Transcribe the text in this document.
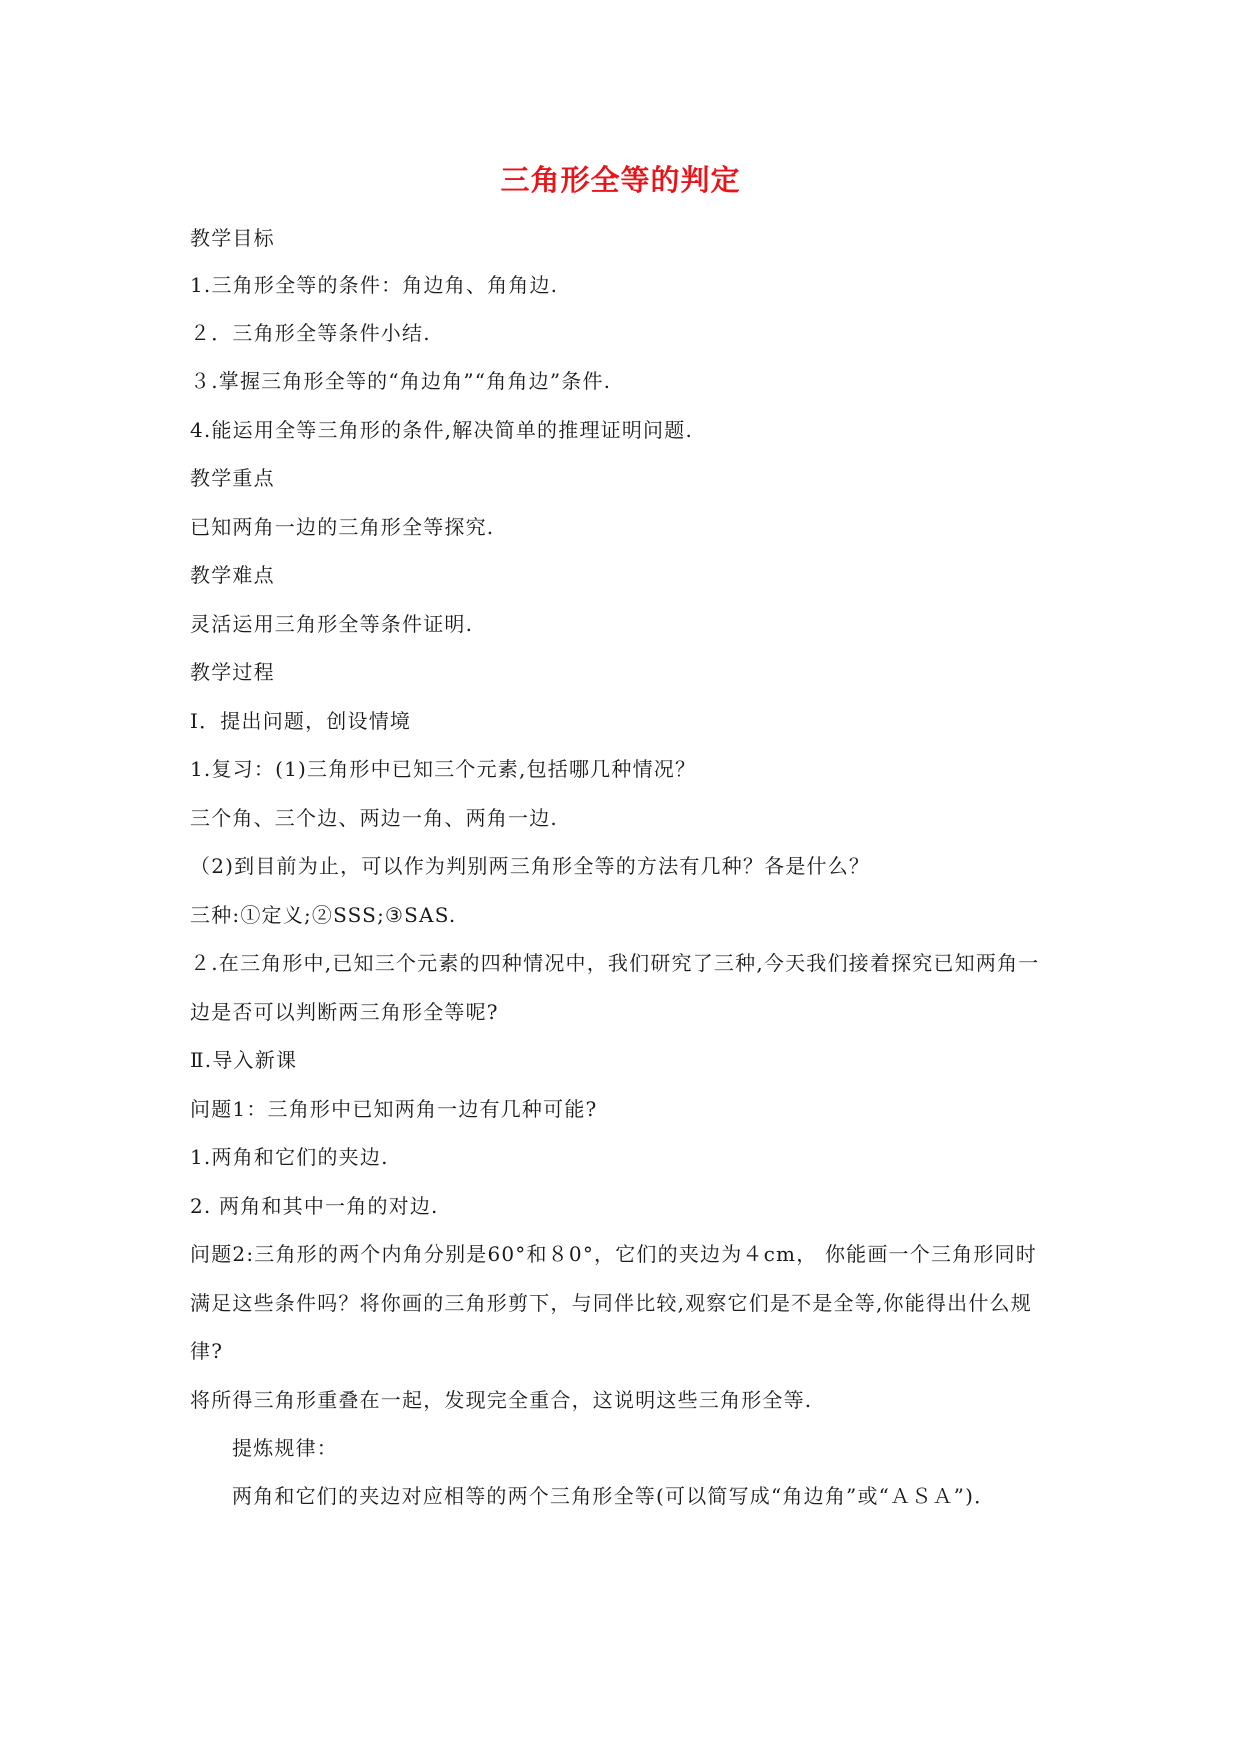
三角形全等的判定
教学目标
1.三角形全等的条件：角边角、角角边.
２．三角形全等条件小结.
３.掌握三角形全等的“角边角”“角角边”条件.
4.能运用全等三角形的条件,解决简单的推理证明问题.
教学重点
已知两角一边的三角形全等探究.
教学难点
灵活运用三角形全等条件证明.
教学过程
Ⅰ．提出问题，创设情境
1.复习：(1)三角形中已知三个元素,包括哪几种情况？
三个角、三个边、两边一角、两角一边.
（2)到目前为止，可以作为判别两三角形全等的方法有几种？各是什么？
三种:①定义;②SSS;③SAS.
２.在三角形中,已知三个元素的四种情况中，我们研究了三种,今天我们接着探究已知两角一边是否可以判断两三角形全等呢?
Ⅱ.导入新课
问题1：三角形中已知两角一边有几种可能?
1.两角和它们的夹边.
2. 两角和其中一角的对边.
问题2:三角形的两个内角分别是60°和８0°，它们的夹边为４cm， 你能画一个三角形同时满足这些条件吗？将你画的三角形剪下，与同伴比较,观察它们是不是全等,你能得出什么规律?
将所得三角形重叠在一起，发现完全重合，这说明这些三角形全等.
提炼规律：
两角和它们的夹边对应相等的两个三角形全等(可以简写成“角边角”或“ＡＳＡ”)．
